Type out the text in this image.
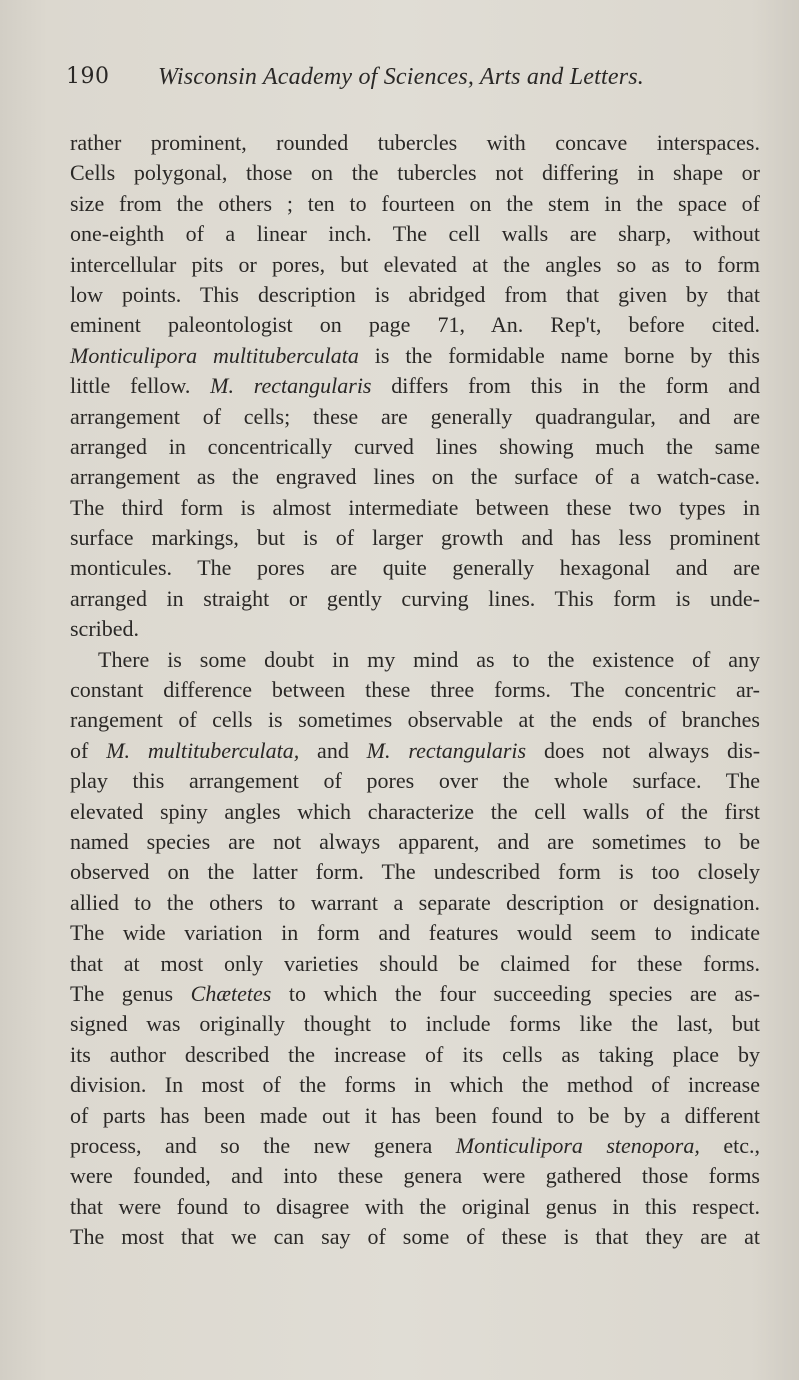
190 Wisconsin Academy of Sciences, Arts and Letters.
rather prominent, rounded tubercles with concave interspaces.
Cells polygonal, those on the tubercles not differing in shape or
size from the others ; ten to fourteen on the stem in the space of
one-eighth of a linear inch. The cell walls are sharp, without
intercellular pits or pores, but elevated at the angles so as to form
low points. This description is abridged from that given by that
eminent paleontologist on page 71, An. Rep't, before cited.
Monticulipora multituberculata is the formidable name borne by this
little fellow. M. rectangularis differs from this in the form and
arrangement of cells; these are generally quadrangular, and are
arranged in concentrically curved lines showing much the same
arrangement as the engraved lines on the surface of a watch-case.
The third form is almost intermediate between these two types in
surface markings, but is of larger growth and has less prominent
monticules. The pores are quite generally hexagonal and are
arranged in straight or gently curving lines. This form is unde-
scribed.
There is some doubt in my mind as to the existence of any
constant difference between these three forms. The concentric ar-
rangement of cells is sometimes observable at the ends of branches
of M. multituberculata, and M. rectangularis does not always dis-
play this arrangement of pores over the whole surface. The
elevated spiny angles which characterize the cell walls of the first
named species are not always apparent, and are sometimes to be
observed on the latter form. The undescribed form is too closely
allied to the others to warrant a separate description or designation.
The wide variation in form and features would seem to indicate
that at most only varieties should be claimed for these forms.
The genus Chætetes to which the four succeeding species are as-
signed was originally thought to include forms like the last, but
its author described the increase of its cells as taking place by
division. In most of the forms in which the method of increase
of parts has been made out it has been found to be by a different
process, and so the new genera Monticulipora stenopora, etc.,
were founded, and into these genera were gathered those forms
that were found to disagree with the original genus in this respect.
The most that we can say of some of these is that they are at
